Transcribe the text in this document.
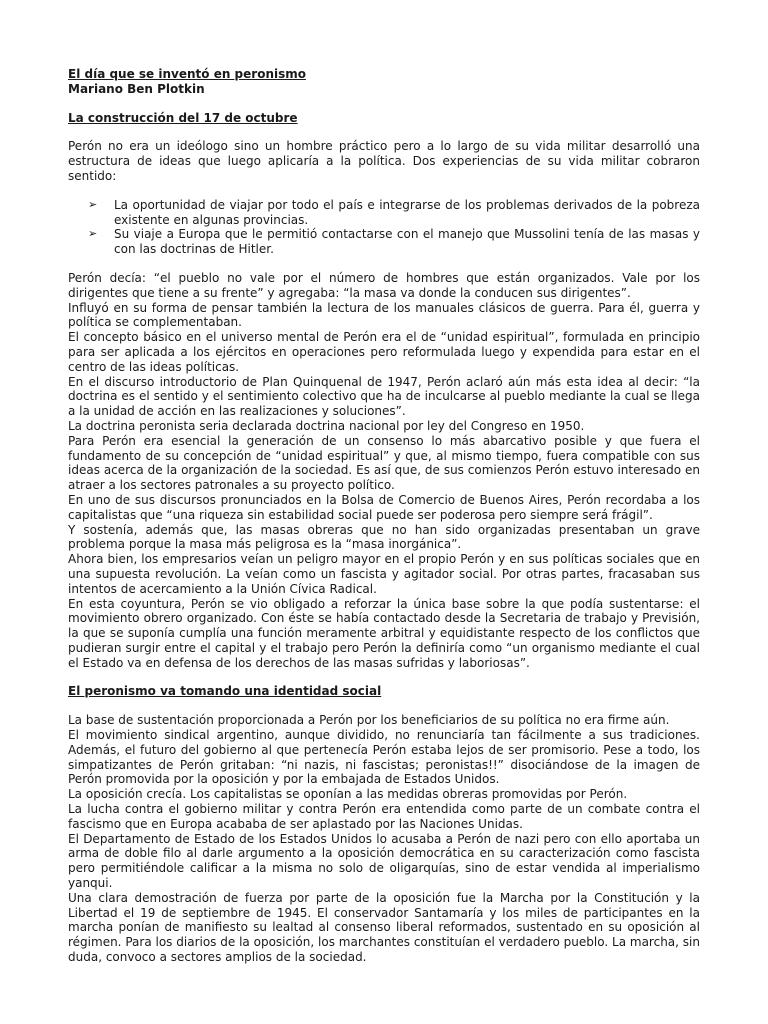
El día que se inventó en peronismo
Mariano Ben Plotkin
La construcción del 17 de octubre

Perón no era un ideólogo sino un hombre práctico pero a lo largo de su vida militar desarrolló una estructura de ideas que luego aplicaría a la política. Dos experiencias de su vida militar cobraron sentido:

➢ La oportunidad de viajar por todo el país e integrarse de los problemas derivados de la pobreza existente en algunas provincias.
➢ Su viaje a Europa que le permitió contactarse con el manejo que Mussolini tenía de las masas y con las doctrinas de Hitler.

Perón decía: “el pueblo no vale por el número de hombres que están organizados. Vale por los dirigentes que tiene a su frente” y agregaba: “la masa va donde la conducen sus dirigentes”.

Influyó en su forma de pensar también la lectura de los manuales clásicos de guerra. Para él, guerra y política se complementaban.

El concepto básico en el universo mental de Perón era el de “unidad espiritual”, formulada en principio para ser aplicada a los ejércitos en operaciones pero reformulada luego y expendida para estar en el centro de las ideas políticas.

En el discurso introductorio de Plan Quinquenal de 1947, Perón aclaró aún más esta idea al decir: “la doctrina es el sentido y el sentimiento colectivo que ha de inculcarse al pueblo mediante la cual se llega a la unidad de acción en las realizaciones y soluciones”.

La doctrina peronista seria declarada doctrina nacional por ley del Congreso en 1950.

Para Perón era esencial la generación de un consenso lo más abarcativo posible y que fuera el fundamento de su concepción de “unidad espiritual” y que, al mismo tiempo, fuera compatible con sus ideas acerca de la organización de la sociedad. Es así que, de sus comienzos Perón estuvo interesado en atraer a los sectores patronales a su proyecto político.

En uno de sus discursos pronunciados en la Bolsa de Comercio de Buenos Aires, Perón recordaba a los capitalistas que “una riqueza sin estabilidad social puede ser poderosa pero siempre será frágil”.

Y sostenía, además que, las masas obreras que no han sido organizadas presentaban un grave problema porque la masa más peligrosa es la “masa inorgánica”.

Ahora bien, los empresarios veían un peligro mayor en el propio Perón y en sus políticas sociales que en una supuesta revolución. La veían como un fascista y agitador social. Por otras partes, fracasaban sus intentos de acercamiento a la Unión Cívica Radical.

En esta coyuntura, Perón se vio obligado a reforzar la única base sobre la que podía sustentarse: el movimiento obrero organizado. Con éste se había contactado desde la Secretaria de trabajo y Previsión, la que se suponía cumplía una función meramente arbitral y equidistante respecto de los conflictos que pudieran surgir entre el capital y el trabajo pero Perón la definiría como “un organismo mediante el cual el Estado va en defensa de los derechos de las masas sufridas y laboriosas”.

El peronismo va tomando una identidad social

La base de sustentación proporcionada a Perón por los beneficiarios de su política no era firme aún.

El movimiento sindical argentino, aunque dividido, no renunciaría tan fácilmente a sus tradiciones. Además, el futuro del gobierno al que pertenecía Perón estaba lejos de ser promisorio. Pese a todo, los simpatizantes de Perón gritaban: “ni nazis, ni fascistas; peronistas!!” disociándose de la imagen de Perón promovida por la oposición y por la embajada de Estados Unidos.

La oposición crecía. Los capitalistas se oponían a las medidas obreras promovidas por Perón.

La lucha contra el gobierno militar y contra Perón era entendida como parte de un combate contra el fascismo que en Europa acababa de ser aplastado por las Naciones Unidas.

El Departamento de Estado de los Estados Unidos lo acusaba a Perón de nazi pero con ello aportaba un arma de doble filo al darle argumento a la oposición democrática en su caracterización como fascista pero permitiéndole calificar a la misma no solo de oligarquías, sino de estar vendida al imperialismo yanqui.

Una clara demostración de fuerza por parte de la oposición fue la Marcha por la Constitución y la Libertad el 19 de septiembre de 1945. El conservador Santamaría y los miles de participantes en la marcha ponían de manifiesto su lealtad al consenso liberal reformados, sustentado en su oposición al régimen. Para los diarios de la oposición, los marchantes constituían el verdadero pueblo. La marcha, sin duda, convoco a sectores amplios de la sociedad.
